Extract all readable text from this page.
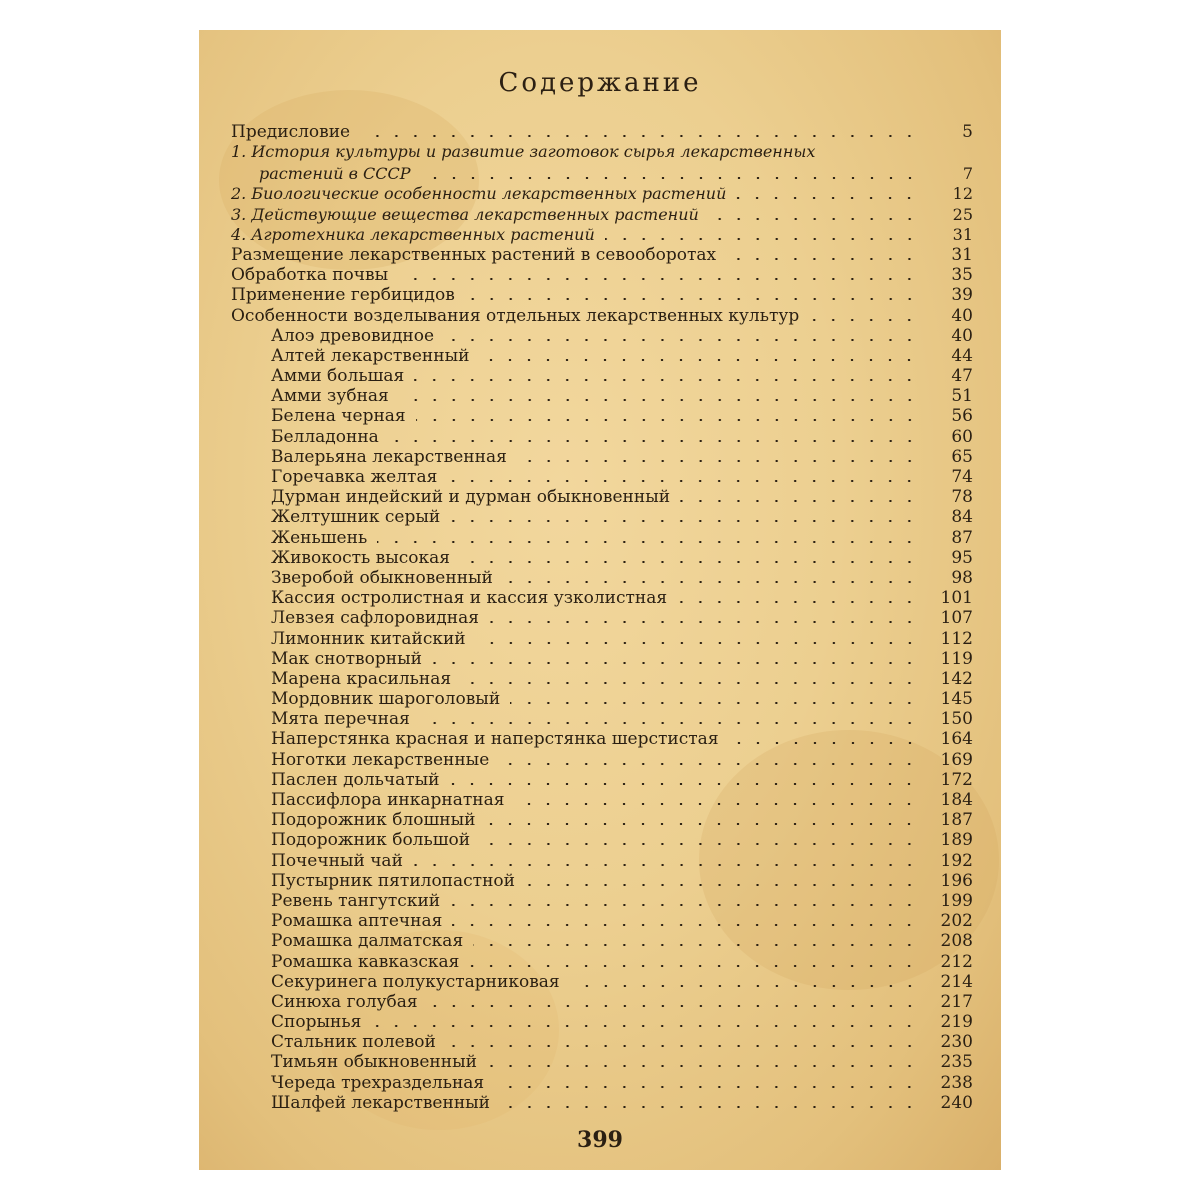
Содержание
Предисловие	5
1. История культуры и развитие заготовок сырья лекарственных
растений в СССР	7
2. Биологические особенности лекарственных растений	12
3. Действующие вещества лекарственных растений	25
4. Агротехника лекарственных растений	31
Размещение лекарственных растений в севооборотах	31
Обработка почвы	35
Применение гербицидов	39
Особенности возделывания отдельных лекарственных культур	40
Алоэ древовидное	40
Алтей лекарственный	44
Амми большая	47
Амми зубная	51
Белена черная	56
Белладонна	60
Валерьяна лекарственная	65
Горечавка желтая	74
Дурман индейский и дурман обыкновенный	78
Желтушник серый	84
Женьшень	87
Живокость высокая	95
Зверобой обыкновенный	98
Кассия остролистная и кассия узколистная	101
Левзея сафлоровидная	107
Лимонник китайский	112
Мак снотворный	119
Марена красильная	142
Мордовник шароголовый	145
Мята перечная	150
Наперстянка красная и наперстянка шерстистая	164
Ноготки лекарственные	169
Паслен дольчатый	172
Пассифлора инкарнатная	184
Подорожник блошный	187
Подорожник большой	189
Почечный чай	192
Пустырник пятилопастной	196
Ревень тангутский	199
Ромашка аптечная	202
Ромашка далматская	208
Ромашка кавказская	212
Секуринега полукустарниковая	214
Синюха голубая	217
Спорынья	219
Стальник полевой	230
Тимьян обыкновенный	235
Череда трехраздельная	238
Шалфей лекарственный	240
399
